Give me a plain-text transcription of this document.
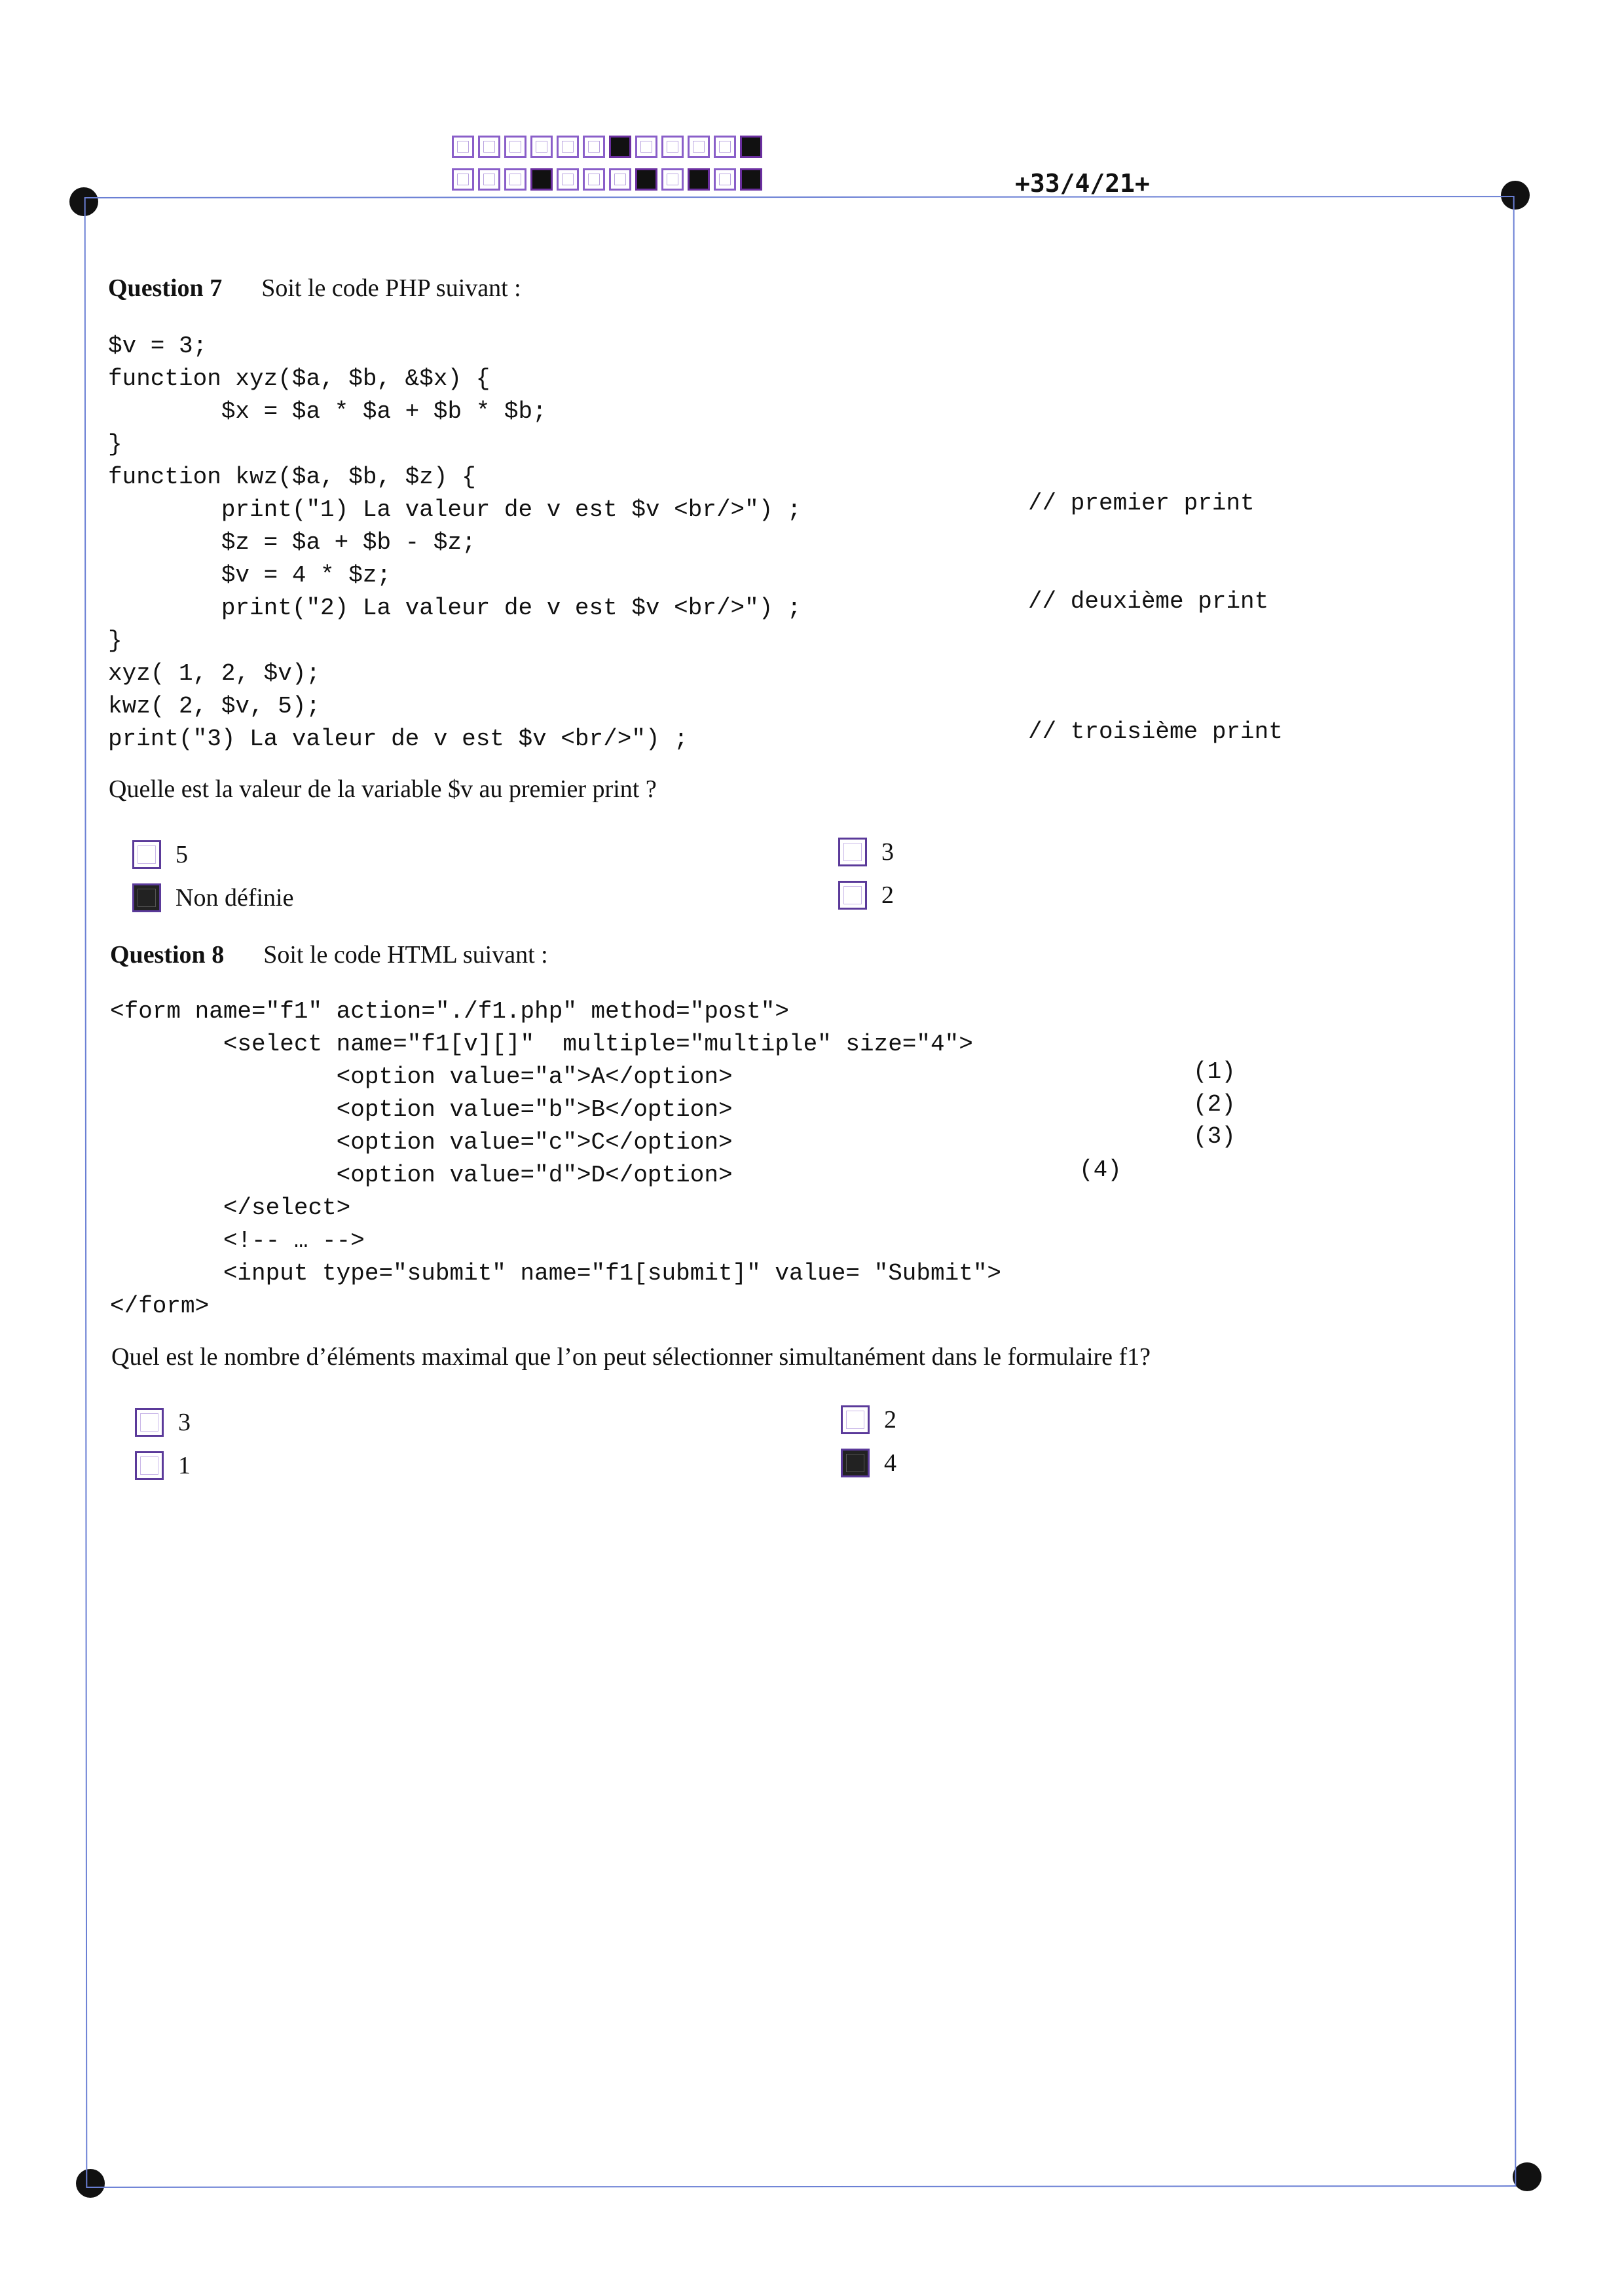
+33/4/21+
Question 7 Soit le code PHP suivant :
$v = 3;
function xyz($a, $b, &$x) {
$x = $a * $a + $b * $b;
}
function kwz($a, $b, $z) {
print("1) La valeur de v est $v <br/>") ;
$z = $a + $b - $z;
$v = 4 * $z;
print("2) La valeur de v est $v <br/>") ;
}
xyz( 1, 2, $v);
kwz( 2, $v, 5);
print("3) La valeur de v est $v <br/>") ;
// premier print
// deuxième print
// troisième print
Quelle est la valeur de la variable $v au premier print ?
5	3
Non définie	2
Question 8 Soit le code HTML suivant :
<form name="f1" action="./f1.php" method="post">
<select name="f1[v][]"  multiple="multiple" size="4">
<option value="a">A</option>
<option value="b">B</option>
<option value="c">C</option>
<option value="d">D</option>
</select>
<!-- … -->
<input type="submit" name="f1[submit]" value= "Submit">
</form>
(1)
(2)
(3)
(4)
Quel est le nombre d’éléments maximal que l’on peut sélectionner simultanément dans le formulaire f1?
3	2
1	4
